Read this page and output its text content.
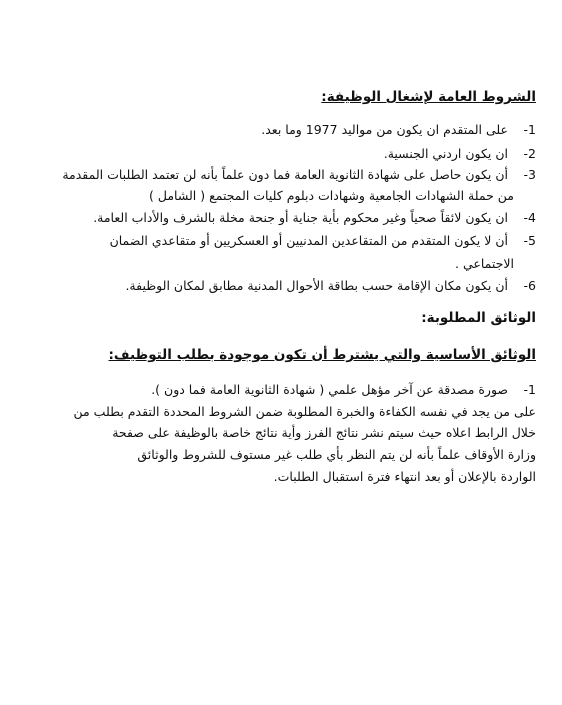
الشروط العامة لإشغال الوظيفة:
1- على المتقدم ان يكون من مواليد 1977 وما بعد.
2- ان يكون اردني الجنسية.
3- أن يكون حاصل على شهادة الثانوية العامة فما دون علماً بأنه لن تعتمد الطلبات المقدمة
من حملة الشهادات الجامعية وشهادات دبلوم كليات المجتمع ( الشامل )
4- ان يكون لائقاً صحياً وغير محكوم بأية جناية أو جنحة مخلة بالشرف والأداب العامة.
5- أن لا يكون المتقدم من المتقاعدين المدنيين أو العسكريين أو متقاعدي الضمان
الاجتماعي .
6- أن يكون مكان الإقامة حسب بطاقة الأحوال المدنية مطابق لمكان الوظيفة.
الوثائق المطلوبة:
الوثائق الأساسية والتي يشترط أن تكون موجودة بطلب التوظيف:
1- صورة مصدقة عن آخر مؤهل علمي ( شهادة الثانوية العامة فما دون ).
على من يجد في نفسه الكفاءة والخبرة المطلوبة ضمن الشروط المحددة التقدم بطلب من
خلال الرابط اعلاه حيث سيتم نشر نتائج الفرز وأية نتائج خاصة بالوظيفة على صفحة
وزارة الأوقاف علماً بأنه لن يتم النظر بأي طلب غير مستوف للشروط والوثائق
الواردة بالإعلان أو بعد انتهاء فترة استقبال الطلبات.
